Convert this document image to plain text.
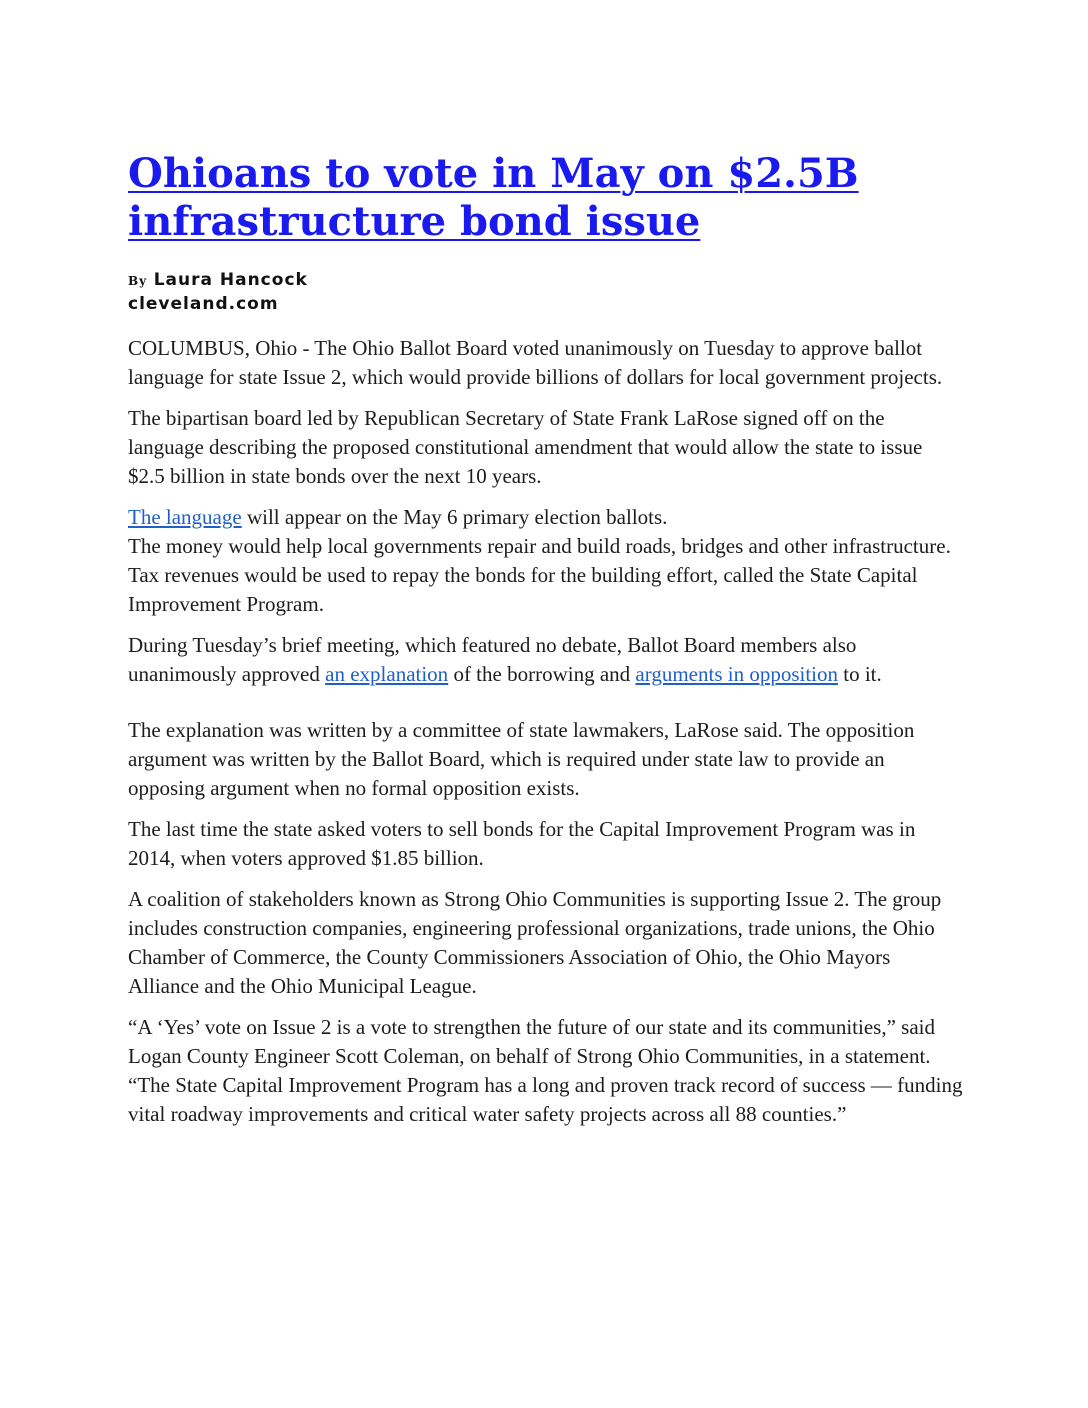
Ohioans to vote in May on $2.5B
infrastructure bond issue
By Laura Hancock
cleveland.com

COLUMBUS, Ohio - The Ohio Ballot Board voted unanimously on Tuesday to approve ballot language for state Issue 2, which would provide billions of dollars for local government projects.

The bipartisan board led by Republican Secretary of State Frank LaRose signed off on the language describing the proposed constitutional amendment that would allow the state to issue $2.5 billion in state bonds over the next 10 years.

The language will appear on the May 6 primary election ballots.

The money would help local governments repair and build roads, bridges and other infrastructure. Tax revenues would be used to repay the bonds for the building effort, called the State Capital Improvement Program.

During Tuesday’s brief meeting, which featured no debate, Ballot Board members also unanimously approved an explanation of the borrowing and arguments in opposition to it.

The explanation was written by a committee of state lawmakers, LaRose said. The opposition argument was written by the Ballot Board, which is required under state law to provide an opposing argument when no formal opposition exists.

The last time the state asked voters to sell bonds for the Capital Improvement Program was in 2014, when voters approved $1.85 billion.

A coalition of stakeholders known as Strong Ohio Communities is supporting Issue 2. The group includes construction companies, engineering professional organizations, trade unions, the Ohio Chamber of Commerce, the County Commissioners Association of Ohio, the Ohio Mayors Alliance and the Ohio Municipal League.

“A ‘Yes’ vote on Issue 2 is a vote to strengthen the future of our state and its communities,” said Logan County Engineer Scott Coleman, on behalf of Strong Ohio Communities, in a statement. “The State Capital Improvement Program has a long and proven track record of success — funding vital roadway improvements and critical water safety projects across all 88 counties.”
